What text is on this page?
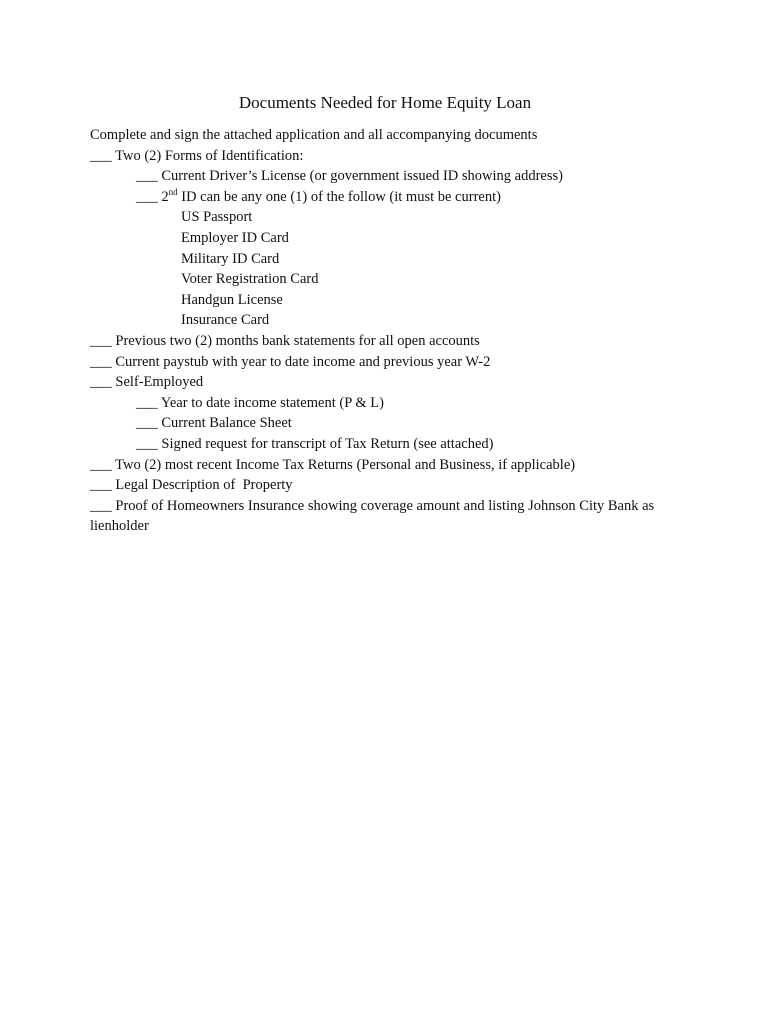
Documents Needed for Home Equity Loan
Complete and sign the attached application and all accompanying documents
___ Two (2) Forms of Identification:
___ Current Driver’s License (or government issued ID showing address)
___ 2nd ID can be any one (1) of the follow (it must be current)
US Passport
Employer ID Card
Military ID Card
Voter Registration Card
Handgun License
Insurance Card
___ Previous two (2) months bank statements for all open accounts
___ Current paystub with year to date income and previous year W-2
___ Self-Employed
___ Year to date income statement (P & L)
___ Current Balance Sheet
___ Signed request for transcript of Tax Return (see attached)
___ Two (2) most recent Income Tax Returns (Personal and Business, if applicable)
___ Legal Description of  Property
___ Proof of Homeowners Insurance showing coverage amount and listing Johnson City Bank as
lienholder
